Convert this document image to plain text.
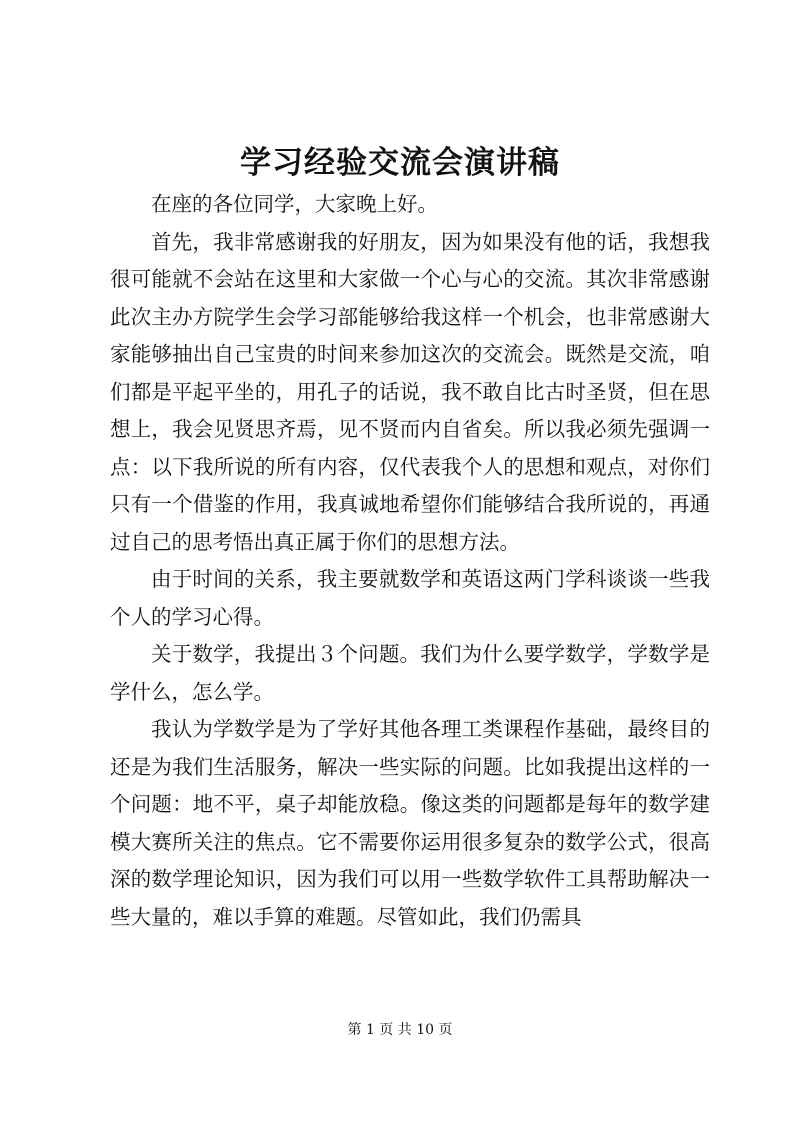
学习经验交流会演讲稿

在座的各位同学，大家晚上好。

首先，我非常感谢我的好朋友，因为如果没有他的话，我想我很可能就不会站在这里和大家做一个心与心的交流。其次非常感谢此次主办方院学生会学习部能够给我这样一个机会，也非常感谢大家能够抽出自己宝贵的时间来参加这次的交流会。既然是交流，咱们都是平起平坐的，用孔子的话说，我不敢自比古时圣贤，但在思想上，我会见贤思齐焉，见不贤而内自省矣。所以我必须先强调一点：以下我所说的所有内容，仅代表我个人的思想和观点，对你们只有一个借鉴的作用，我真诚地希望你们能够结合我所说的，再通过自己的思考悟出真正属于你们的思想方法。

由于时间的关系，我主要就数学和英语这两门学科谈谈一些我个人的学习心得。

关于数学，我提出３个问题。我们为什么要学数学，学数学是学什么，怎么学。

我认为学数学是为了学好其他各理工类课程作基础，最终目的还是为我们生活服务，解决一些实际的问题。比如我提出这样的一个问题：地不平，桌子却能放稳。像这类的问题都是每年的数学建模大赛所关注的焦点。它不需要你运用很多复杂的数学公式，很高深的数学理论知识，因为我们可以用一些数学软件工具帮助解决一些大量的，难以手算的难题。尽管如此，我们仍需具

第 1 页 共 10 页
